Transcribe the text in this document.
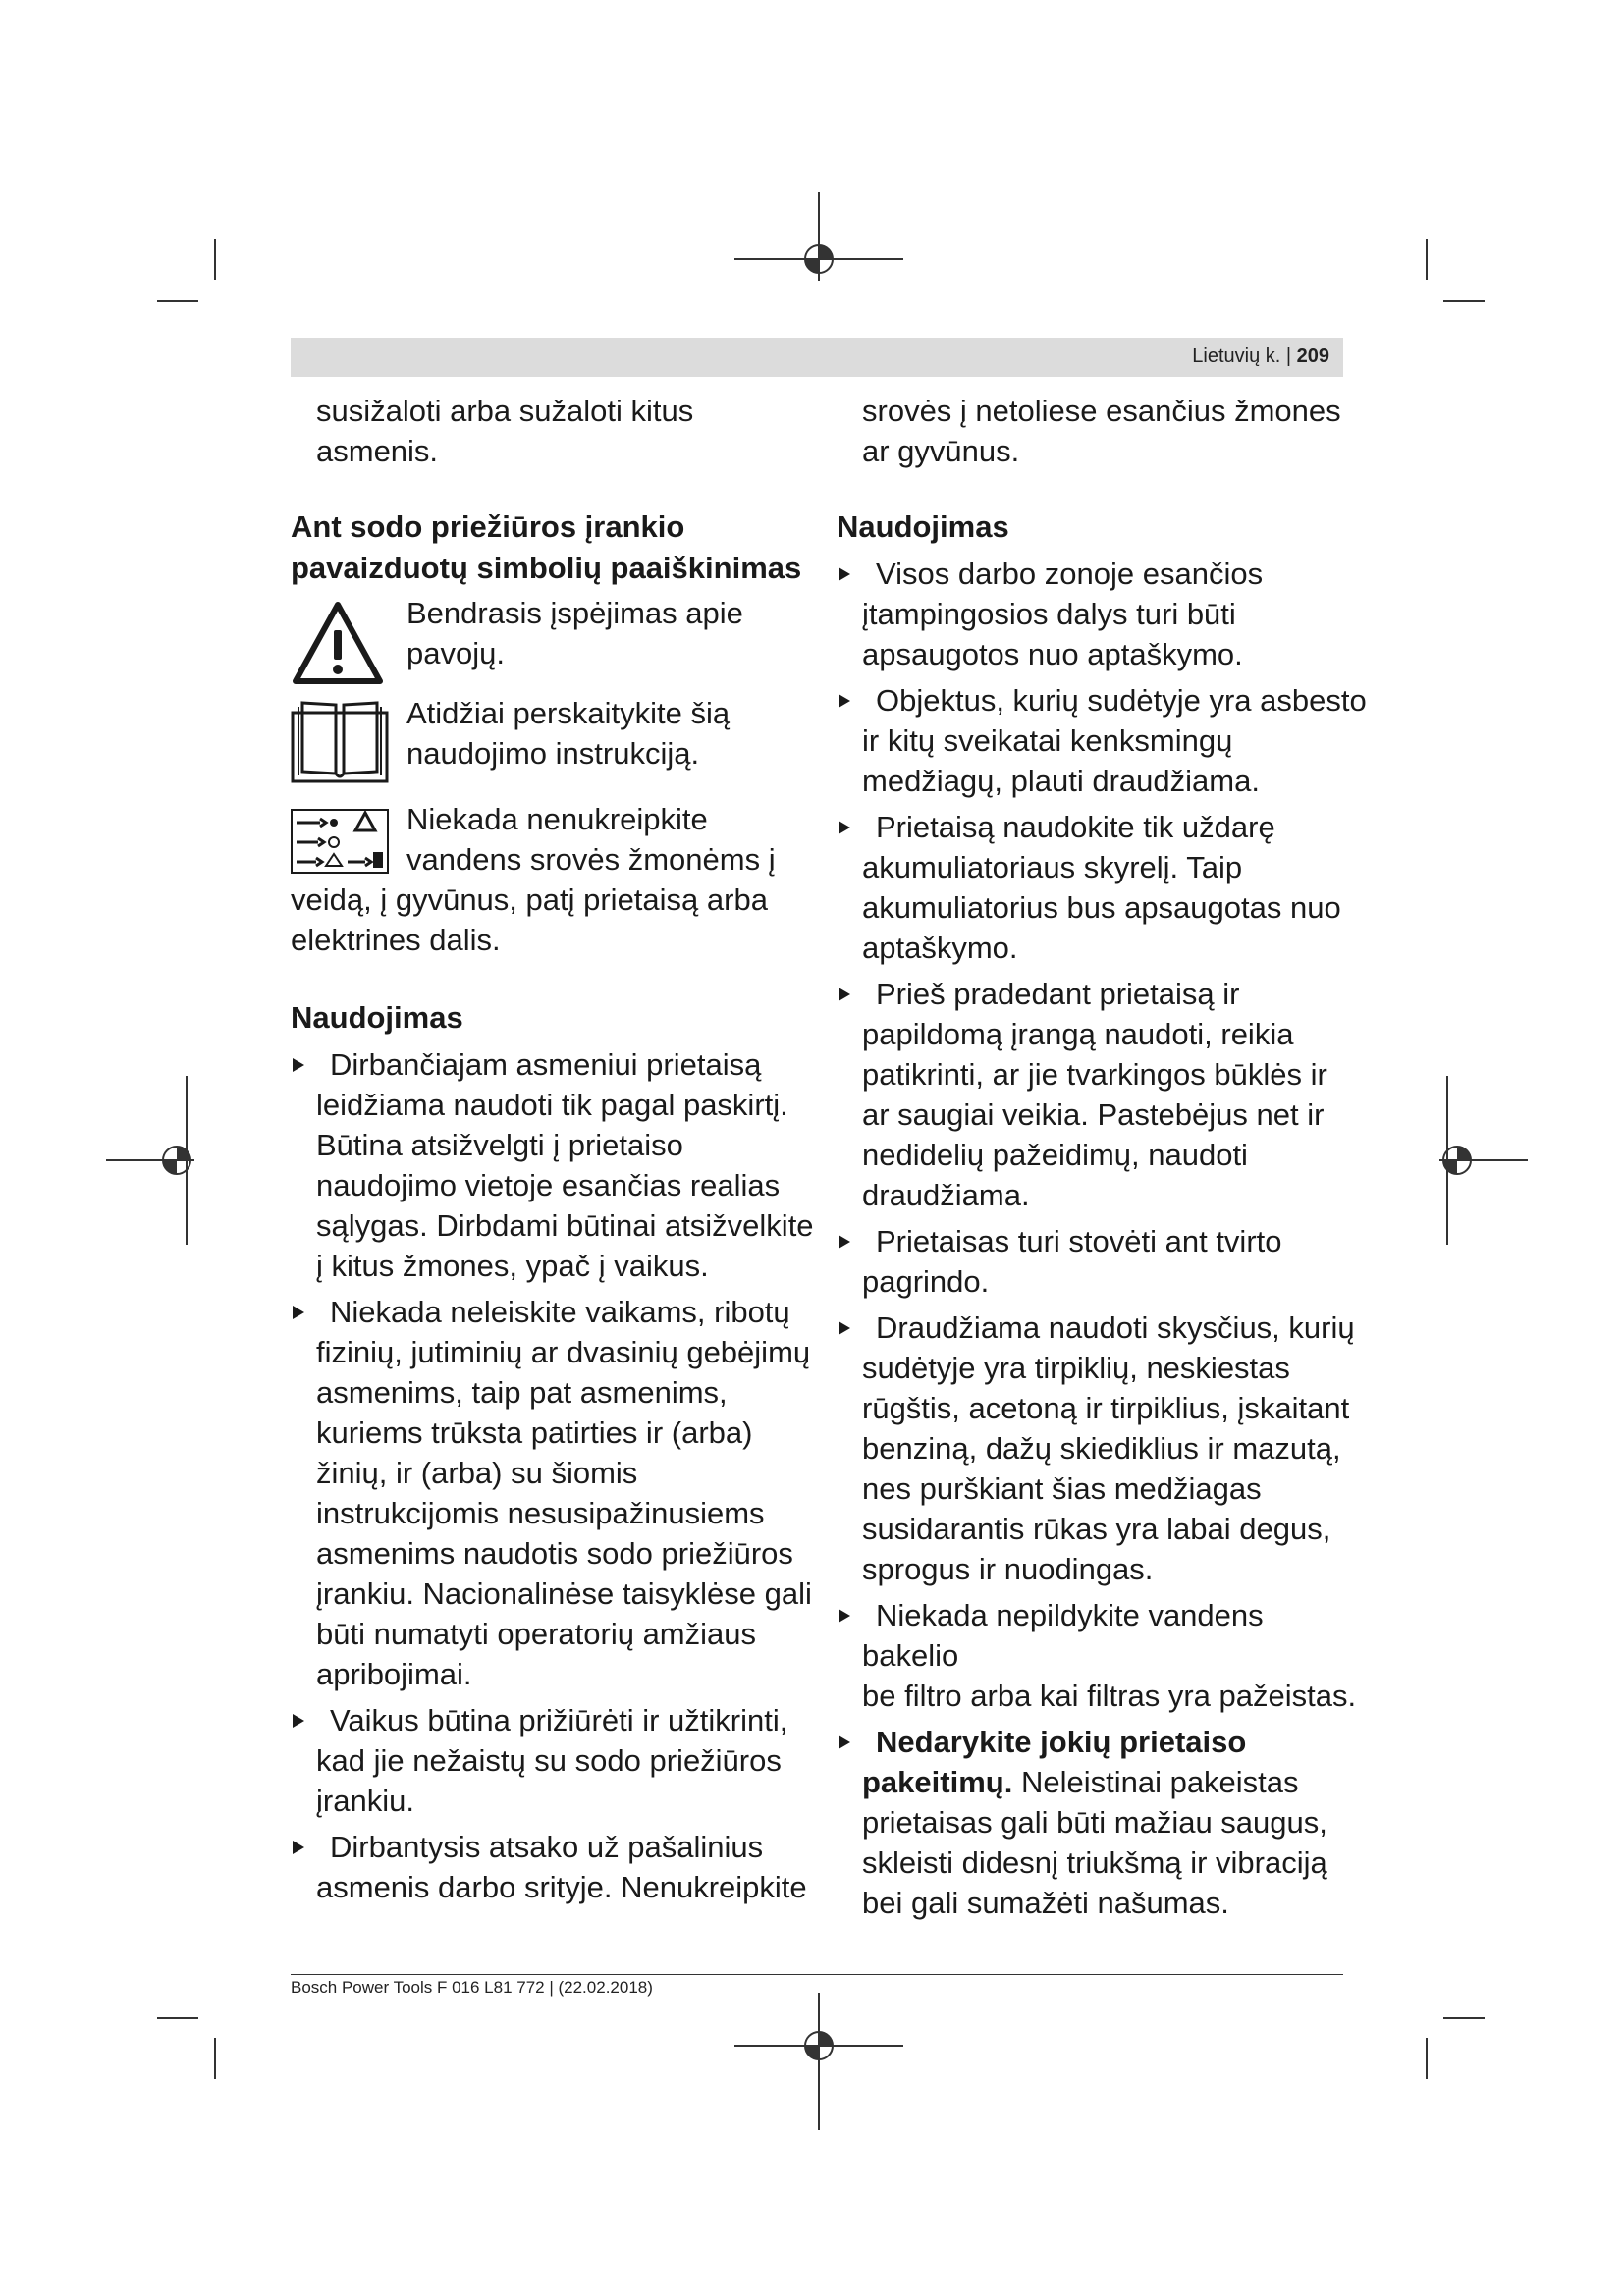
Lietuvių k. | 209

susižaloti arba sužaloti kitus
asmenis.

Ant sodo priežiūros įrankio
pavaizduotų simbolių paaiškinimas

Bendrasis įspėjimas apie
pavojų.

Atidžiai perskaitykite šią
naudojimo instrukciją.

Niekada nenukreipkite
vandens srovės žmonėms į
veidą, į gyvūnus, patį prietaisą arba
elektrines dalis.

Naudojimas
Dirbančiajam asmeniui prietaisą
leidžiama naudoti tik pagal paskirtį.
Būtina atsižvelgti į prietaiso
naudojimo vietoje esančias realias
sąlygas. Dirbdami būtinai atsižvelkite
į kitus žmones, ypač į vaikus.
Niekada neleiskite vaikams, ribotų
fizinių, jutiminių ar dvasinių gebėjimų
asmenims, taip pat asmenims,
kuriems trūksta patirties ir (arba)
žinių, ir (arba) su šiomis
instrukcijomis nesusipažinusiems
asmenims naudotis sodo priežiūros
įrankiu. Nacionalinėse taisyklėse gali
būti numatyti operatorių amžiaus
apribojimai.
Vaikus būtina prižiūrėti ir užtikrinti,
kad jie nežaistų su sodo priežiūros
įrankiu.
Dirbantysis atsako už pašalinius
asmenis darbo srityje. Nenukreipkite

srovės į netoliese esančius žmones
ar gyvūnus.

Naudojimas
Visos darbo zonoje esančios
įtampingosios dalys turi būti
apsaugotos nuo aptaškymo.
Objektus, kurių sudėtyje yra asbesto
ir kitų sveikatai kenksmingų
medžiagų, plauti draudžiama.
Prietaisą naudokite tik uždarę
akumuliatoriaus skyrelį. Taip
akumuliatorius bus apsaugotas nuo
aptaškymo.
Prieš pradedant prietaisą ir
papildomą įrangą naudoti, reikia
patikrinti, ar jie tvarkingos būklės ir
ar saugiai veikia. Pastebėjus net ir
nedidelių pažeidimų, naudoti
draudžiama.
Prietaisas turi stovėti ant tvirto
pagrindo.
Draudžiama naudoti skysčius, kurių
sudėtyje yra tirpiklių, neskiestas
rūgštis, acetoną ir tirpiklius, įskaitant
benziną, dažų skiediklius ir mazutą,
nes purškiant šias medžiagas
susidarantis rūkas yra labai degus,
sprogus ir nuodingas.
Niekada nepildykite vandens bakelio
be filtro arba kai filtras yra pažeistas.
Nedarykite jokių prietaiso
pakeitimų. Neleistinai pakeistas
prietaisas gali būti mažiau saugus,
skleisti didesnį triukšmą ir vibraciją
bei gali sumažėti našumas.
Bosch Power Tools F 016 L81 772 | (22.02.2018)
